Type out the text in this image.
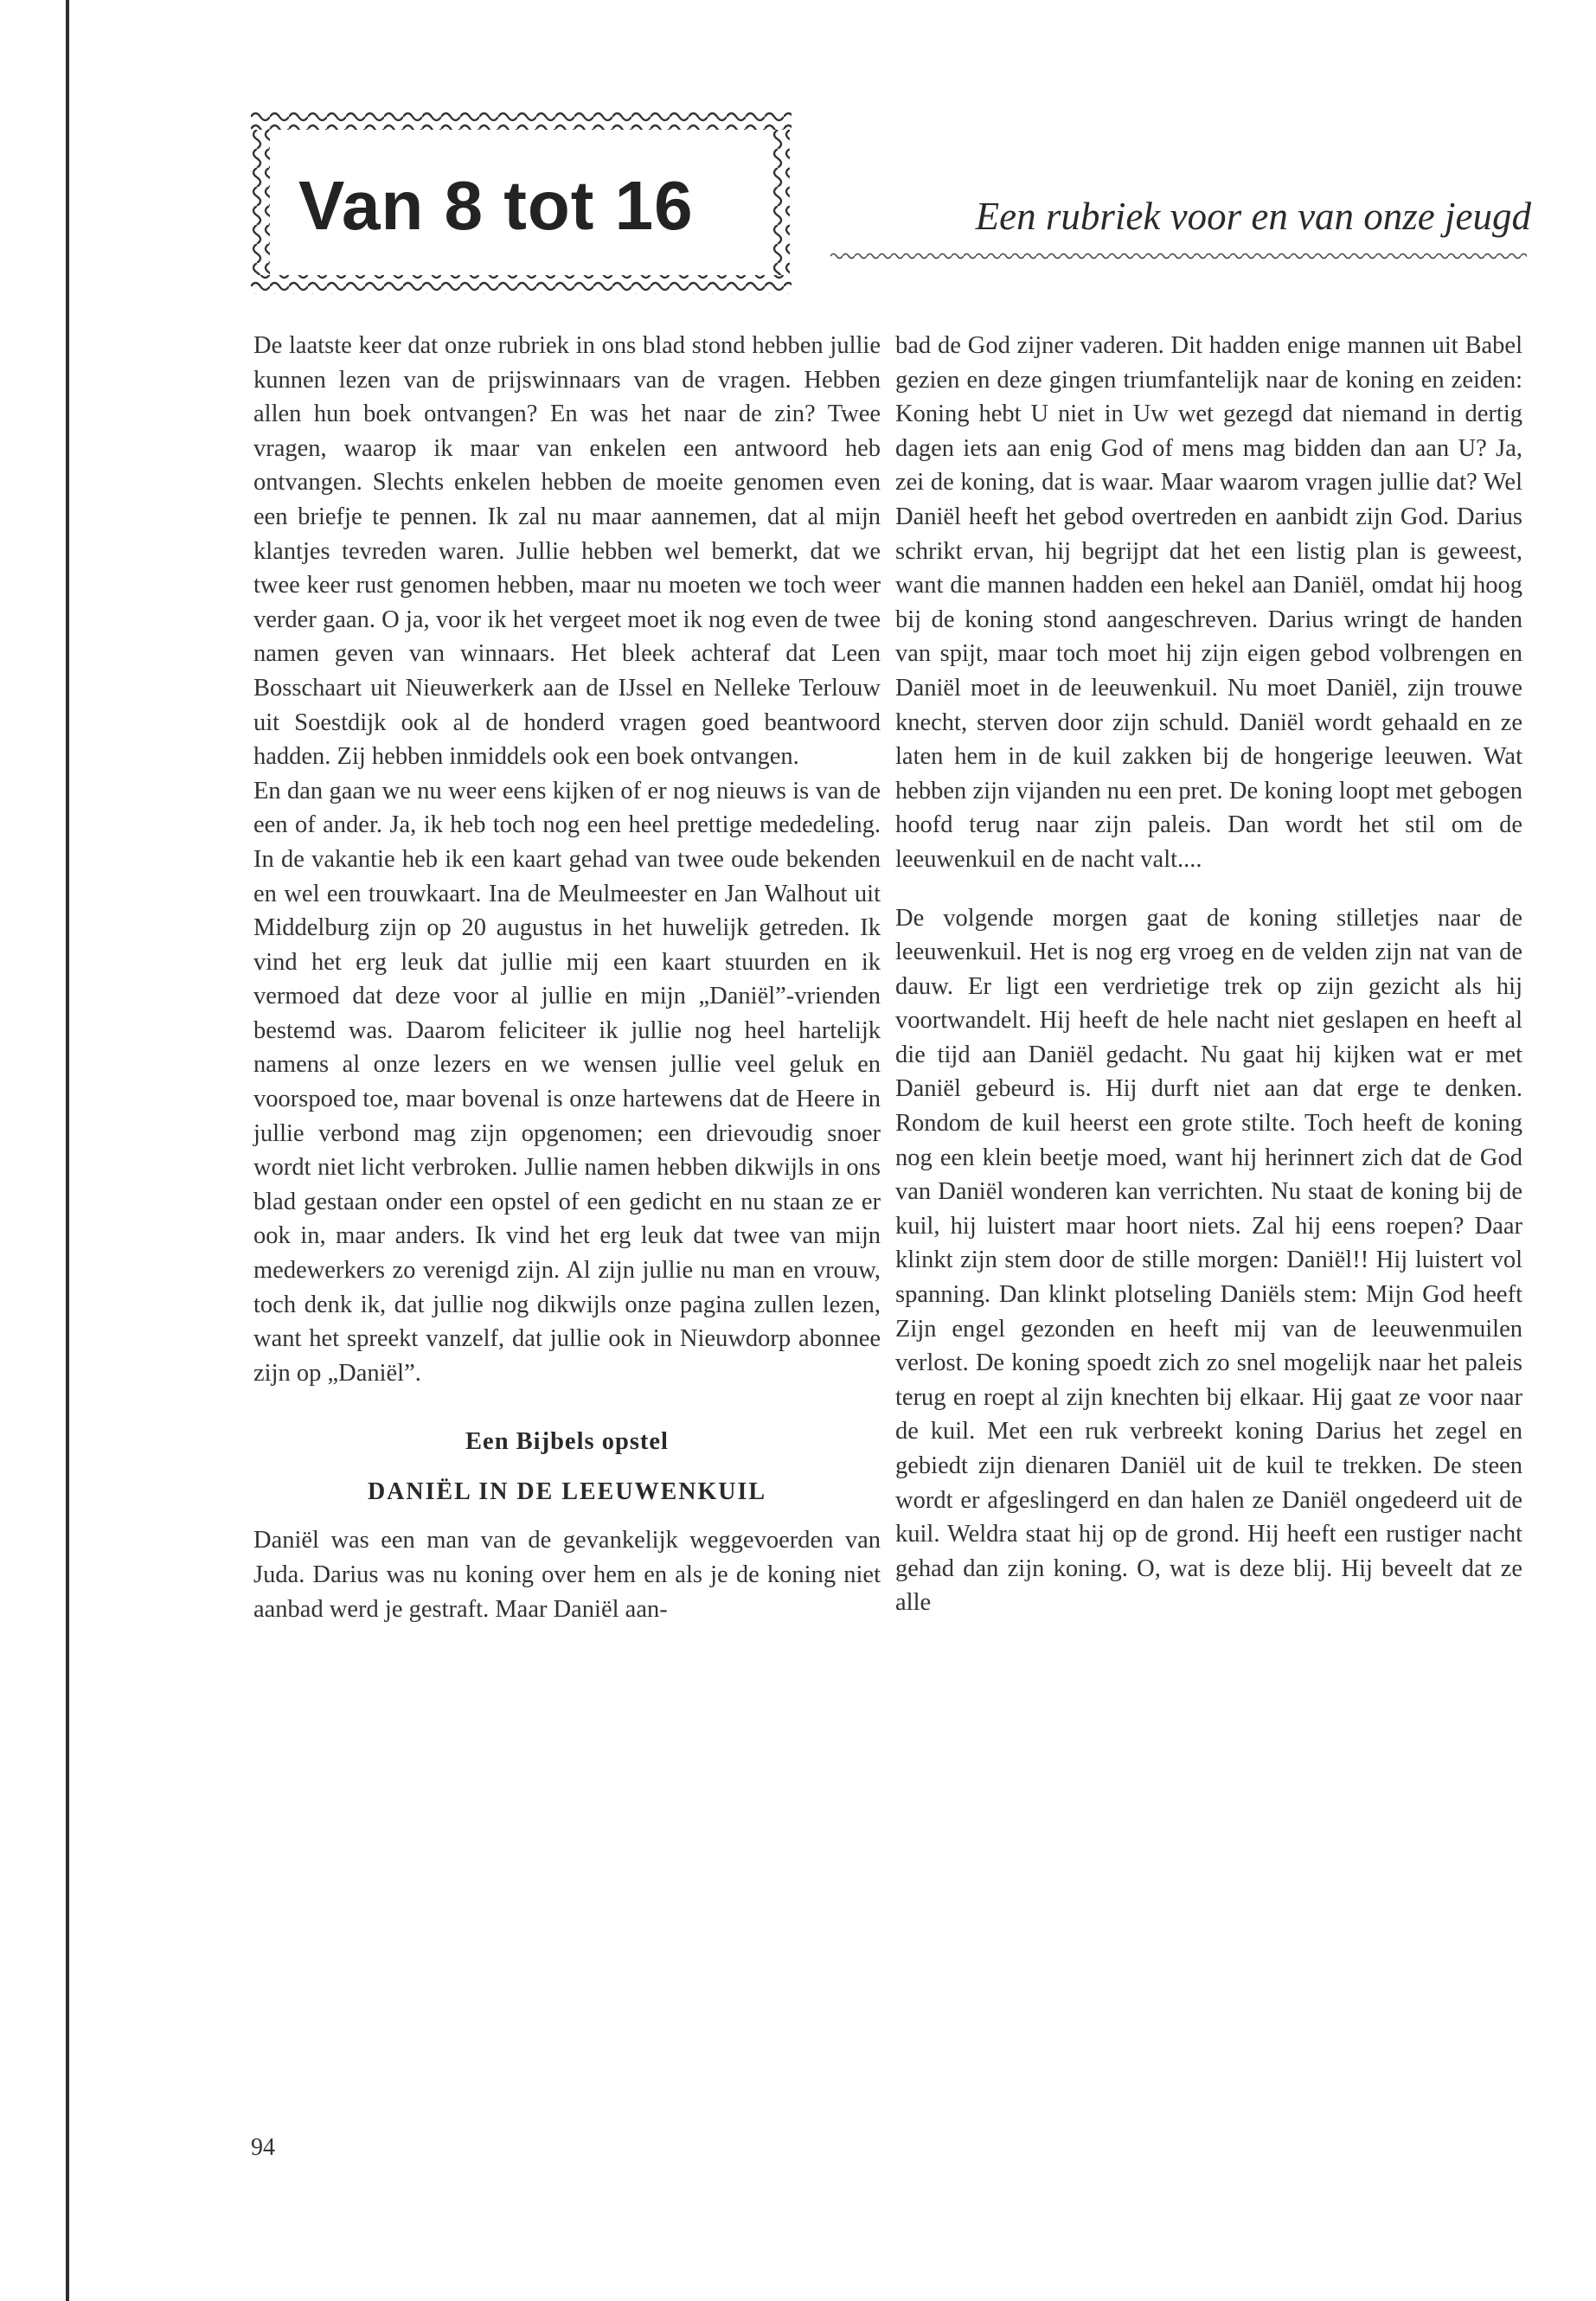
Van 8 tot 16	Een rubriek voor en van onze jeugd

De laatste keer dat onze rubriek in ons blad stond hebben jullie kunnen lezen van de prijswinnaars van de vragen. Hebben allen hun boek ontvangen? En was het naar de zin? Twee vragen, waarop ik maar van enkelen een antwoord heb ontvangen. Slechts enkelen hebben de moeite genomen even een briefje te pennen. Ik zal nu maar aannemen, dat al mijn klantjes tevreden waren. Jullie hebben wel bemerkt, dat we twee keer rust genomen hebben, maar nu moeten we toch weer verder gaan. O ja, voor ik het vergeet moet ik nog even de twee namen geven van winnaars. Het bleek achteraf dat Leen Bosschaart uit Nieuwerkerk aan de IJssel en Nelleke Terlouw uit Soestdijk ook al de honderd vragen goed beantwoord hadden. Zij hebben inmiddels ook een boek ontvangen.

En dan gaan we nu weer eens kijken of er nog nieuws is van de een of ander. Ja, ik heb toch nog een heel prettige mededeling. In de vakantie heb ik een kaart gehad van twee oude bekenden en wel een trouwkaart. Ina de Meulmeester en Jan Walhout uit Middelburg zijn op 20 augustus in het huwelijk getreden. Ik vind het erg leuk dat jullie mij een kaart stuurden en ik vermoed dat deze voor al jullie en mijn „Daniël”-vrienden bestemd was. Daarom feliciteer ik jullie nog heel hartelijk namens al onze lezers en we wensen jullie veel geluk en voorspoed toe, maar bovenal is onze hartewens dat de Heere in jullie verbond mag zijn opgenomen; een drievoudig snoer wordt niet licht verbroken. Jullie namen hebben dikwijls in ons blad gestaan onder een opstel of een gedicht en nu staan ze er ook in, maar anders. Ik vind het erg leuk dat twee van mijn medewerkers zo verenigd zijn. Al zijn jullie nu man en vrouw, toch denk ik, dat jullie nog dikwijls onze pagina zullen lezen, want het spreekt vanzelf, dat jullie ook in Nieuwdorp abonnee zijn op „Daniël”.

Een Bijbels opstel
DANIËL IN DE LEEUWENKUIL

Daniël was een man van de gevankelijk weggevoerden van Juda. Darius was nu koning over hem en als je de koning niet aanbad werd je gestraft. Maar Daniël aan-

bad de God zijner vaderen. Dit hadden enige mannen uit Babel gezien en deze gingen triumfantelijk naar de koning en zeiden: Koning hebt U niet in Uw wet gezegd dat niemand in dertig dagen iets aan enig God of mens mag bidden dan aan U? Ja, zei de koning, dat is waar. Maar waarom vragen jullie dat? Wel Daniël heeft het gebod overtreden en aanbidt zijn God. Darius schrikt ervan, hij begrijpt dat het een listig plan is geweest, want die mannen hadden een hekel aan Daniël, omdat hij hoog bij de koning stond aangeschreven. Darius wringt de handen van spijt, maar toch moet hij zijn eigen gebod volbrengen en Daniël moet in de leeuwenkuil. Nu moet Daniël, zijn trouwe knecht, sterven door zijn schuld. Daniël wordt gehaald en ze laten hem in de kuil zakken bij de hongerige leeuwen. Wat hebben zijn vijanden nu een pret. De koning loopt met gebogen hoofd terug naar zijn paleis. Dan wordt het stil om de leeuwenkuil en de nacht valt....

De volgende morgen gaat de koning stilletjes naar de leeuwenkuil. Het is nog erg vroeg en de velden zijn nat van de dauw. Er ligt een verdrietige trek op zijn gezicht als hij voortwandelt. Hij heeft de hele nacht niet geslapen en heeft al die tijd aan Daniël gedacht. Nu gaat hij kijken wat er met Daniël gebeurd is. Hij durft niet aan dat erge te denken. Rondom de kuil heerst een grote stilte. Toch heeft de koning nog een klein beetje moed, want hij herinnert zich dat de God van Daniël wonderen kan verrichten. Nu staat de koning bij de kuil, hij luistert maar hoort niets. Zal hij eens roepen? Daar klinkt zijn stem door de stille morgen: Daniël!! Hij luistert vol spanning. Dan klinkt plotseling Daniëls stem: Mijn God heeft Zijn engel gezonden en heeft mij van de leeuwenmuilen verlost. De koning spoedt zich zo snel mogelijk naar het paleis terug en roept al zijn knechten bij elkaar. Hij gaat ze voor naar de kuil. Met een ruk verbreekt koning Darius het zegel en gebiedt zijn dienaren Daniël uit de kuil te trekken. De steen wordt er afgeslingerd en dan halen ze Daniël ongedeerd uit de kuil. Weldra staat hij op de grond. Hij heeft een rustiger nacht gehad dan zijn koning. O, wat is deze blij. Hij beveelt dat ze alle

94
